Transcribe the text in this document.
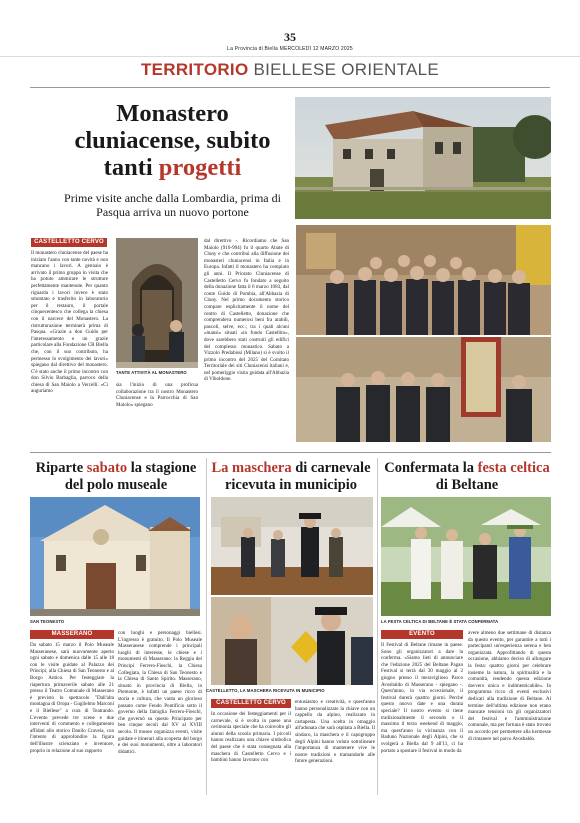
35
La Provincia di Biella MERCOLEDÌ 12 MARZO 2025
TERRITORIO BIELLESE ORIENTALE
Monastero cluniacense, subito tanti progetti
Prime visite anche dalla Lombardia, prima di Pasqua arriva un nuovo portone
CASTELLETTO CERVO
Il monastero cluniacense del paese ha iniziato l'anno con tante novità e non mancano i lavori. A gennaio è arrivato il primo gruppo in visita che ha potuto ammirare le strutture perfettamente mantenute. Per quanto riguarda i lavori invece è stato smontato e trasferito in laboratorio per il restauro, il portale cinquecentesco che collega la chiesa con il narcece del Monastero. La ristrutturazione terminerà prima di Pasqua. «Grazie a don Guido per l'interessamento e un grazie particolare alla Fondazione CR Biella che, con il suo contributo, ha permesso lo svolgimento dei lavori» spiegano dal direttivo del monastero. C'è stato anche il primo incontro con don Silvio Barbaglia, parroco della chiesa di San Maiolo a Vercelli. «Ci auguriamo
TANTE ATTIVITÀ AL MONASTERO
sia l'inizio di una proficua collaborazione tra il nostro Monastero Cluniacense e la Parrocchia di San Maiolo» spiegano
dal direttivo -. Ricordiamo che San Maiolo (910-994) fu il quarto Abate di Cluny e che contribuì alla diffusione dei monasteri cluniacensi in Italia e in Europa. Infatti il monastero ha compiuto gli anni. Il Priorato Cluniacense di Castelletto Cervo fu fondato a seguito della donazione fatta il 6 marzo 1083, dal conte Guido di Pombia, all'Abbazia di Cluny. Nel primo documento storico compare esplicitamente il nome del centro di Castelletto, donazione che comprendeva numerosi beni fra arabili, pascoli, selve, ecc.; tra i quali alcuni «mansi» situati «in fundo Castellito», dove sarebbero stati costruiti gli edifici del complesso monastico. Sabato a Vizzolo Predabissi (Milano) si è svolto il primo incontro del 2025 del Comitato Territoriale dei siti Cluniacensi italiani e, nel pomeriggio visita guidata all'Abbazia di Viboldone.
Riparte sabato la stagione del polo museale
SAN TEONESTO
MASSERANO
Da sabato 15 marzo il Polo Museale Masseranese, sarà nuovamente aperto ogni sabato e domenica dalle 15 alle 18 con le visite guidate al Palazzo dei Principi, alla Chiesa di San Teonesto e al Borgo Antico. Per festeggiare la riapertura primaverile sabato alle 21 presso il Teatro Comunale di Masserano è previsto lo spettacolo "Dall'alta montagna di Oropa - Guglielmo Marconi e il Biellese" a cura di Teatrando. L'evento prevede tre scene e due interventi di commento e collegamento affidati allo storico Danilo Craveia, con l'intento di approfondire la figura dell'illustre scienziato e inventore, proprio in relazione al suo rapporto
con luoghi e personaggi biellesi. L'ingresso è gratuito. Il Polo Museale Masseranese comprende i principali luoghi di interesse, le chiese e i monumenti di Masserano: la Reggia dei Principi Ferrero-Fieschi, la Chiesa Collegiata, la Chiesa di San Teonesto e la Chiesa di Santo Spirito. Masserano, situato in provincia di Biella, in Piemonte, è infatti un paese ricco di storia e cultura, che vanta un glorioso passato come Feudo Pontificio sotto il governo della famiglia Ferrero-Fieschi, che governò su questo Principato per ben cinque secoli dal XV al XVIII secolo. Il museo organizza eventi, visite guidate e itinerari alla scoperta del borgo e dei suoi monumenti, oltre a laboratori didattici.
La maschera di carnevale ricevuta in municipio
CASTELLETTO, LA MASCHERA RICEVUTA IN MUNICIPIO
CASTELLETTO CERVO
In occasione dei festeggiamenti per il carnevale, si è svolta in paese una cerimonia speciale che ha coinvolto gli alunni della scuola primaria. I piccoli hanno realizzato una chiave simbolica del paese che è stata consegnata alla maschera di Castelletto Cervo e i bambini hanno lavorato con
entusiasmo e creatività, e quest'anno hanno personalizzato la chiave con un cappello da alpino, realizzato in cartapesta. Una scelta in omaggio all'adunata che sarà ospitata a Biella. Il sindaco, la maschera e il capogruppo degli Alpini hanno voluto sottolineare l'importanza di mantenere vive le nostre tradizioni e tramandarle alle future generazioni.
Confermata la festa celtica di Beltane
LA FESTA CELTICA DI BELTANE È STATA CONFERMATA
EVENTO
Il Festival di Beltane rimane in paese. Sono gli organizzatori a dare la conferma. «Siamo lieti di annunciare che l'edizione 2025 del Beltane Pagan Festival si terrà dal 30 maggio al 2 giugno presso il meraviglioso Parco Avosbaldo di Masserano - spiegano -. Quest'anno, in via eccezionale, il festival durerà quattro giorni. Perché questo nuovo date e una durata speciale? Il nostro evento si tiene tradizionalmente il secondo o il massimo il terzo weekend di maggio, ma quest'anno la vicinanza con il Raduno Nazionale degli Alpini, che si svolgerà a Biella dal 9 all'11, ci ha portato a spostare il festival in modo da
avere almeno due settimane di distanza da questo evento, per garantire a tutti i partecipanti un'esperienza serena e ben organizzata. Approfittando di questa occasione, abbiamo deciso di allungare la festa: quattro giorni per celebrare insieme la natura, la spiritualità e la comunità, rendendo questa edizione davvero unica e indimenticabile». In programma ricco di eventi esclusivi dedicati alla tradizione di Beltane. Al termine dell'ultima edizione non erano mancate tensioni tra gli organizzatori del festival e l'amministrazione comunale, ma per fortuna è stato trovato un accordo per permettere alla kermesse di rimanere nel parco Avosbaldo.
